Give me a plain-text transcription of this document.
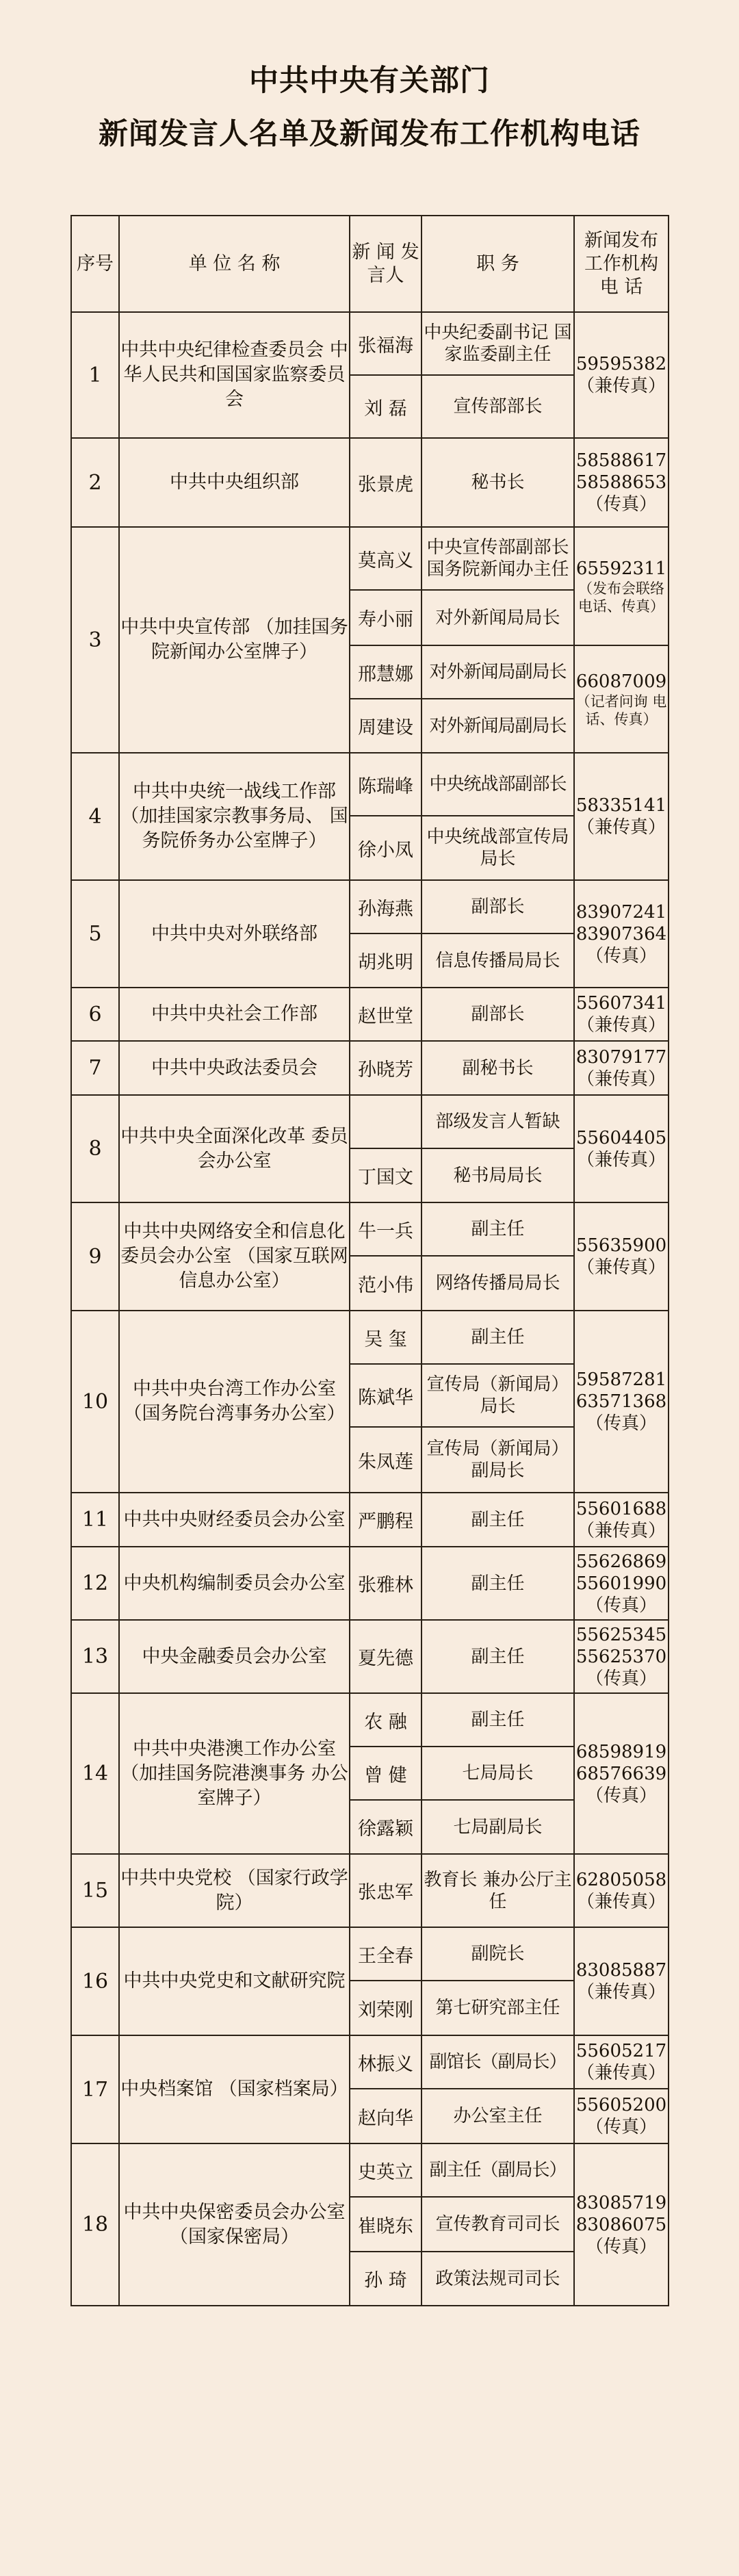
中共中央有关部门
新闻发言人名单及新闻发布工作机构电话
序号	单 位 名 称	新 闻 发言人	职 务	新闻发布 工作机构 电 话
1	中共中央纪律检查委员会 中华人民共和国国家监察委员会	张福海	中央纪委副书记 国家监委副主任	59595382 （兼传真）
		刘 磊	宣传部部长	
2	中共中央组织部	张景虎	秘书长	58588617 58588653 （传真）
3	中共中央宣传部 （加挂国务院新闻办公室牌子）	莫高义	中央宣传部副部长 国务院新闻办主任	65592311
（发布会联络 电话、传真）

		寿小丽	对外新闻局局长	
		邢慧娜	对外新闻局副局长	66087009
（记者问询 电话、传真）

		周建设	对外新闻局副局长	
4	中共中央统一战线工作部 （加挂国家宗教事务局、 国务院侨务办公室牌子）	陈瑞峰	中央统战部副部长	58335141 （兼传真）
		徐小凤	中央统战部宣传局 局长	
5	中共中央对外联络部	孙海燕	副部长	83907241 83907364 （传真）
		胡兆明	信息传播局局长	
6	中共中央社会工作部	赵世堂	副部长	55607341 （兼传真）
7	中共中央政法委员会	孙晓芳	副秘书长	83079177 （兼传真）
8	中共中央全面深化改革 委员会办公室		部级发言人暂缺	55604405 （兼传真）
		丁国文	秘书局局长	
9	中共中央网络安全和信息化 委员会办公室 （国家互联网信息办公室）	牛一兵	副主任	55635900 （兼传真）
		范小伟	网络传播局局长	
10	中共中央台湾工作办公室 （国务院台湾事务办公室）	吴 玺	副主任	59587281 63571368 （传真）
		陈斌华	宣传局（新闻局） 局长	
		朱凤莲	宣传局（新闻局） 副局长	
11	中共中央财经委员会办公室	严鹏程	副主任	55601688 （兼传真）
12	中央机构编制委员会办公室	张雅林	副主任	55626869 55601990 （传真）
13	中央金融委员会办公室	夏先德	副主任	55625345 55625370 （传真）
14	中共中央港澳工作办公室 （加挂国务院港澳事务 办公室牌子）	农 融	副主任	68598919 68576639 （传真）
		曾 健	七局局长	
		徐露颖	七局副局长	
15	中共中央党校 （国家行政学院）	张忠军	教育长 兼办公厅主任	62805058 （兼传真）
16	中共中央党史和文献研究院	王全春	副院长	83085887 （兼传真）
		刘荣刚	第七研究部主任	
17	中央档案馆 （国家档案局）	林振义	副馆长（副局长）	55605217 （兼传真）
		赵向华	办公室主任	55605200 （传真）
18	中共中央保密委员会办公室 （国家保密局）	史英立	副主任（副局长）	83085719 83086075 （传真）
		崔晓东	宣传教育司司长	
		孙 琦	政策法规司司长	
